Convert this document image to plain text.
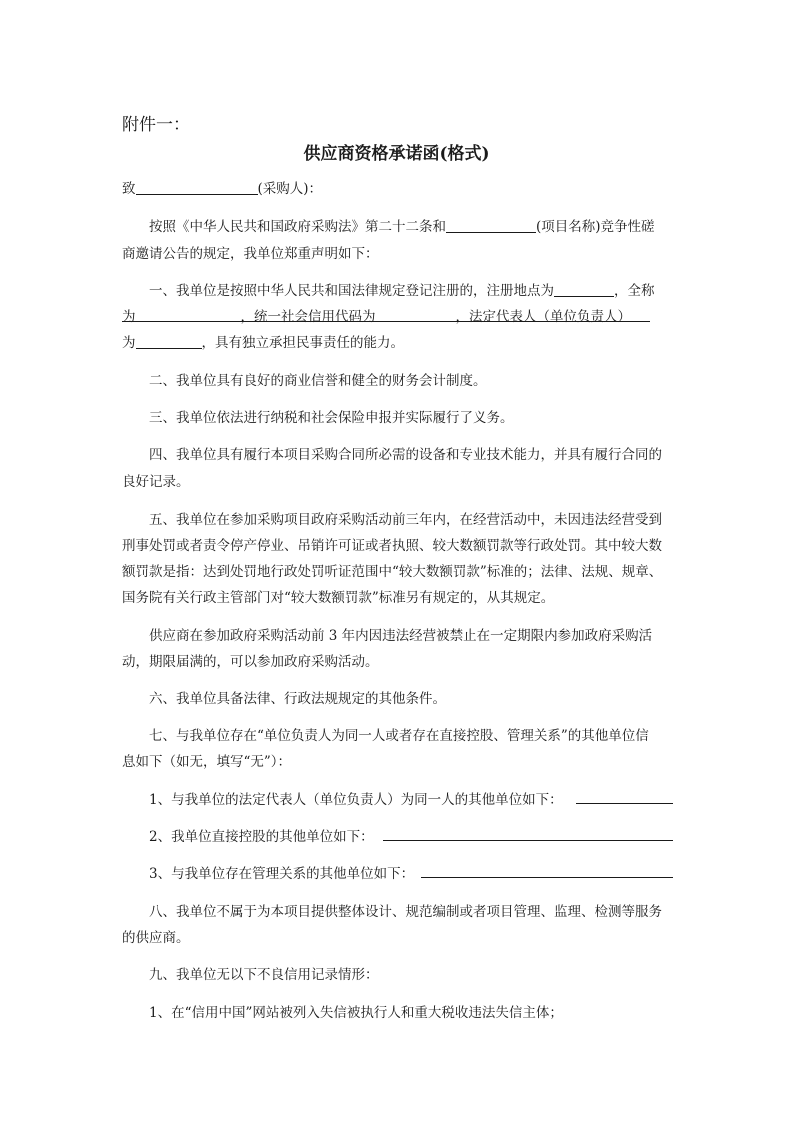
附件一：
供应商资格承诺函(格式)
致	(采购人)：
按照《中华人民共和国政府采购法》第二十二条和	(项目名称)竞争性磋
商邀请公告的规定，我单位郑重声明如下：
一、我单位是按照中华人民共和国法律规定登记注册的，注册地点为	，全称
为	，统一社会信用代码为	，法定代表人（单位负责人）
为	，具有独立承担民事责任的能力。
二、我单位具有良好的商业信誉和健全的财务会计制度。
三、我单位依法进行纳税和社会保险申报并实际履行了义务。
四、我单位具有履行本项目采购合同所必需的设备和专业技术能力，并具有履行合同的
良好记录。
五、我单位在参加采购项目政府采购活动前三年内，在经营活动中，未因违法经营受到
刑事处罚或者责令停产停业、吊销许可证或者执照、较大数额罚款等行政处罚。其中较大数
额罚款是指：达到处罚地行政处罚听证范围中“较大数额罚款”标准的；法律、法规、规章、
国务院有关行政主管部门对“较大数额罚款”标准另有规定的，从其规定。
供应商在参加政府采购活动前 3 年内因违法经营被禁止在一定期限内参加政府采购活
动，期限届满的，可以参加政府采购活动。
六、我单位具备法律、行政法规规定的其他条件。
七、与我单位存在“单位负责人为同一人或者存在直接控股、管理关系”的其他单位信
息如下（如无，填写“无”）：
1、与我单位的法定代表人（单位负责人）为同一人的其他单位如下：
2、我单位直接控股的其他单位如下：
3、与我单位存在管理关系的其他单位如下：
八、我单位不属于为本项目提供整体设计、规范编制或者项目管理、监理、检测等服务
的供应商。
九、我单位无以下不良信用记录情形：
1、在“信用中国”网站被列入失信被执行人和重大税收违法失信主体；
